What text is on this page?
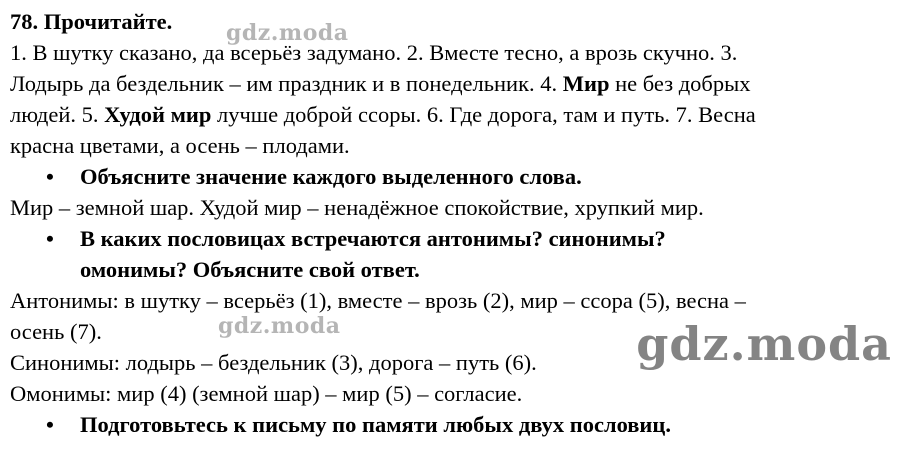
78. Прочитайте.
1. В шутку сказано, да всерьёз задумано. 2. Вместе тесно, а врозь скучно. 3.
Лодырь да бездельник – им праздник и в понедельник. 4. Мир не без добрых
людей. 5. Худой мир лучше доброй ссоры. 6. Где дорога, там и путь. 7. Весна
красна цветами, а осень – плодами.
• Объясните значение каждого выделенного слова.
Мир – земной шар. Худой мир – ненадёжное спокойствие, хрупкий мир.
• В каких пословицах встречаются антонимы? синонимы?
омонимы? Объясните свой ответ.
Антонимы: в шутку – всерьёз (1), вместе – врозь (2), мир – ссора (5), весна –
осень (7).
Синонимы: лодырь – бездельник (3), дорога – путь (6).
Омонимы: мир (4) (земной шар) – мир (5) – согласие.
• Подготовьтесь к письму по памяти любых двух пословиц.
gdz.moda
gdz.moda	gdz.moda
